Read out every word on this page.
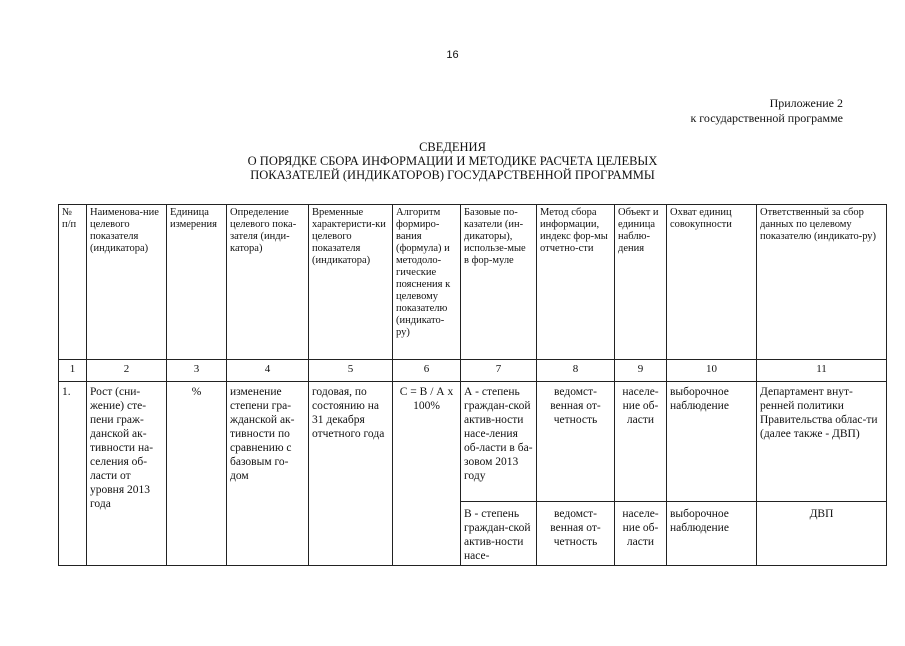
16
Приложение 2
к государственной программе
СВЕДЕНИЯ
О ПОРЯДКЕ СБОРА ИНФОРМАЦИИ И МЕТОДИКЕ РАСЧЕТА ЦЕЛЕВЫХ
ПОКАЗАТЕЛЕЙ (ИНДИКАТОРОВ) ГОСУДАРСТВЕННОЙ ПРОГРАММЫ
№ п/п	Наименова-ние целевого показателя (индикатора)	Единица измерения	Определение целевого пока-зателя (инди-катора)	Временные характеристи-ки целевого показателя (индикатора)	Алгоритм формиро-вания (формула) и методоло-гические пояснения к целевому показателю (индикато-ру)	Базовые по-казатели (ин-дикаторы), использе-мые в фор-муле	Метод сбора информации, индекс фор-мы отчетно-сти	Объект и единица наблю-дения	Охват единиц совокупности	Ответственный за сбор данных по целевому показателю (индикато-ру)
1	2	3	4	5	6	7	8	9	10	11
1.	Рост (сни-жение) сте-пени граж-данской ак-тивности на-селения об-ласти от уровня 2013 года	%	изменение степени гра-жданской ак-тивности по сравнению с базовым го-дом	годовая, по состоянию на 31 декабря отчетного года	С = В / А х 100%	А - степень граждан-ской актив-ности насе-ления об-ласти в ба-зовом 2013 году	ведомст-венная от-четность	населе-ние об-ласти	выборочное наблюдение	Департамент внут-ренней политики Правительства облас-ти (далее также - ДВП)
						В - степень граждан-ской актив-ности насе-	ведомст-венная от-четность	населе-ние об-ласти	выборочное наблюдение	ДВП
